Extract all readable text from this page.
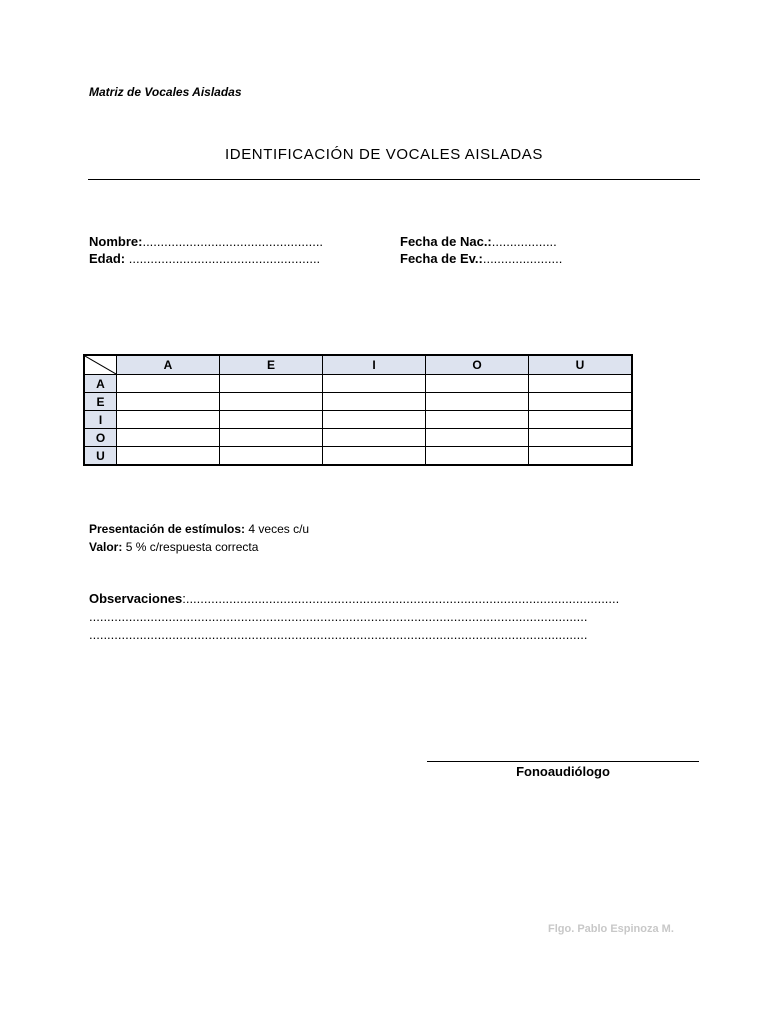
Matriz de Vocales Aisladas
IDENTIFICACIÓN DE VOCALES AISLADAS
Nombre:..................................................
Edad: .....................................................
Fecha de Nac.:..................
Fecha de Ev.:......................
	A	E	I	O	U
A					
E					
I					
O					
U					
Presentación de estímulos: 4 veces c/u
Valor: 5 % c/respuesta correcta
Observaciones:........................................................................................................................
..........................................................................................................................................
..........................................................................................................................................
Fonoaudiólogo
Flgo. Pablo Espinoza M.
